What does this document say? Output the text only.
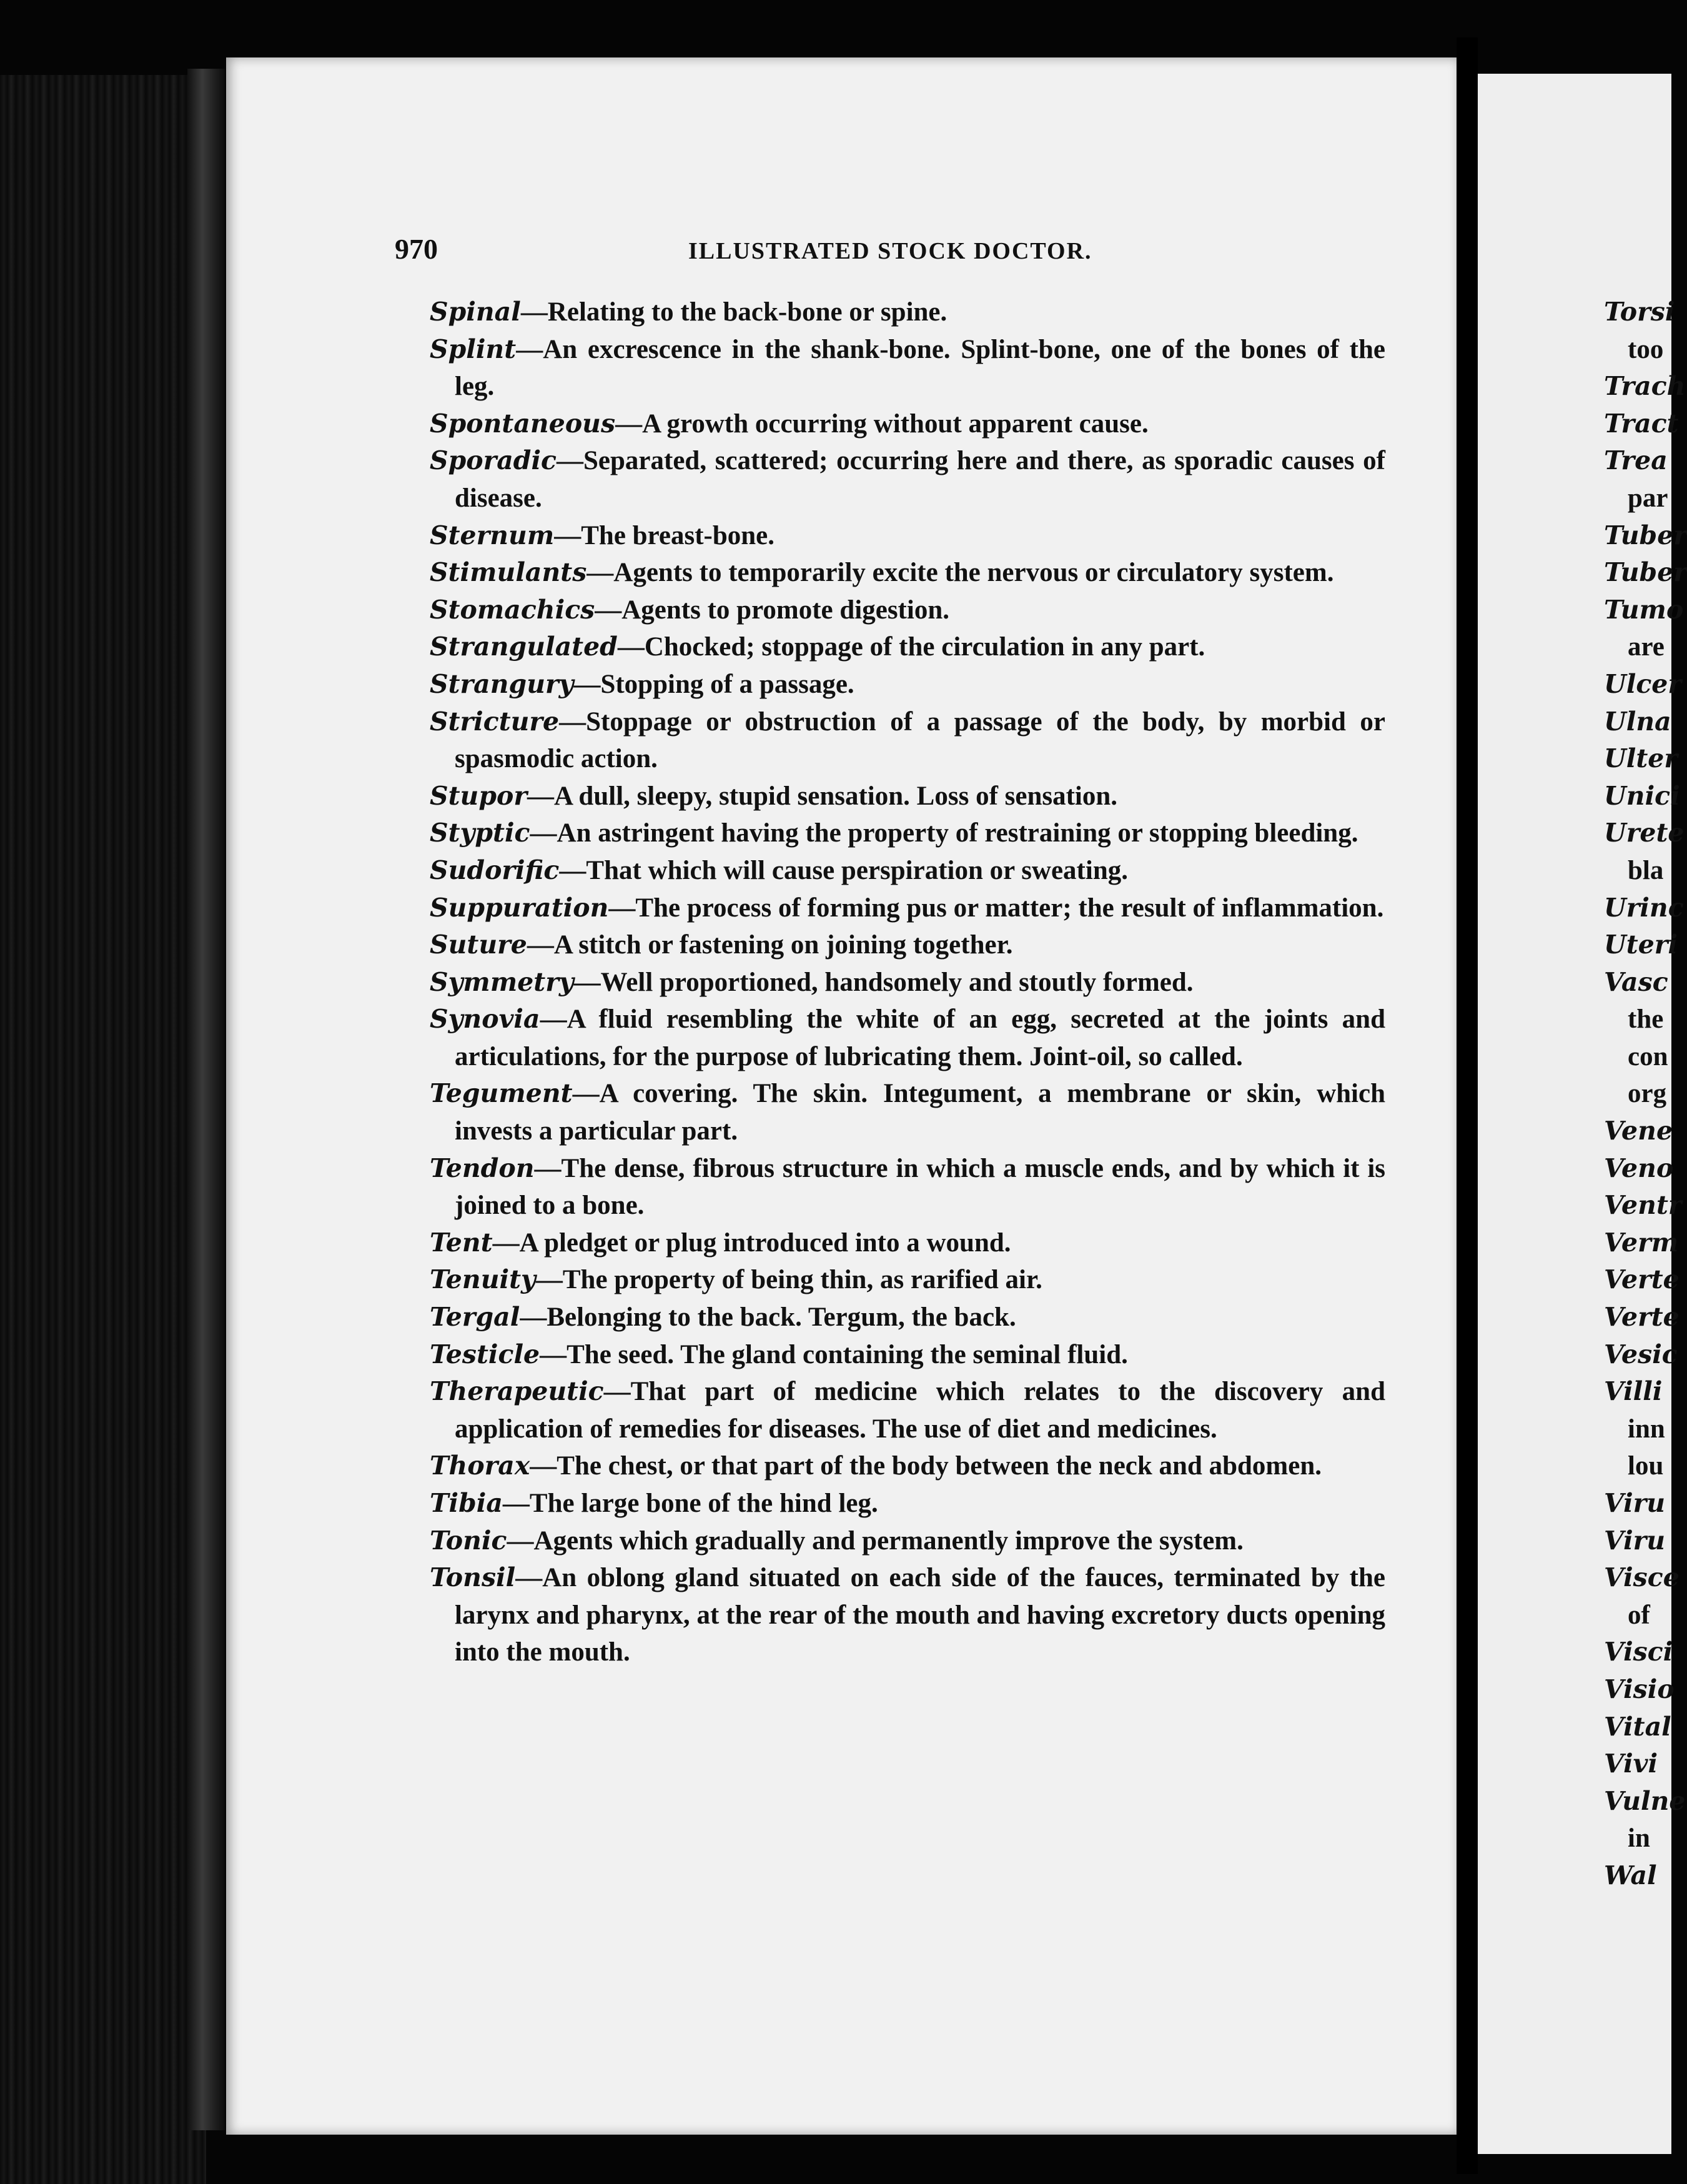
970	ILLUSTRATED STOCK DOCTOR.
Spinal—Relating to the back-bone or spine.
Splint—An excrescence in the shank-bone. Splint-bone, one of the bones of the leg.
Spontaneous—A growth occurring without apparent cause.
Sporadic—Separated, scattered; occurring here and there, as sporadic causes of disease.
Sternum—The breast-bone.
Stimulants—Agents to temporarily excite the nervous or circulatory system.
Stomachics—Agents to promote digestion.
Strangulated—Chocked; stoppage of the circulation in any part.
Strangury—Stopping of a passage.
Stricture—Stoppage or obstruction of a passage of the body, by morbid or spasmodic action.
Stupor—A dull, sleepy, stupid sensation. Loss of sensation.
Styptic—An astringent having the property of restraining or stopping bleeding.
Sudorific—That which will cause perspiration or sweating.
Suppuration—The process of forming pus or matter; the result of inflammation.
Suture—A stitch or fastening on joining together.
Symmetry—Well proportioned, handsomely and stoutly formed.
Synovia—A fluid resembling the white of an egg, secreted at the joints and articulations, for the purpose of lubricating them. Joint-oil, so called.
Tegument—A covering. The skin. Integument, a membrane or skin, which invests a particular part.
Tendon—The dense, fibrous structure in which a muscle ends, and by which it is joined to a bone.
Tent—A pledget or plug introduced into a wound.
Tenuity—The property of being thin, as rarified air.
Tergal—Belonging to the back. Tergum, the back.
Testicle—The seed. The gland containing the seminal fluid.
Therapeutic—That part of medicine which relates to the discovery and application of remedies for diseases. The use of diet and medicines.
Thorax—The chest, or that part of the body between the neck and abdomen.
Tibia—The large bone of the hind leg.
Tonic—Agents which gradually and permanently improve the system.
Tonsil—An oblong gland situated on each side of the fauces, terminated by the larynx and pharynx, at the rear of the mouth and having excretory ducts opening into the mouth.
Torsi
too
Trach
Tract
Trea
par
Tuber
Tuber
Tumo
are
Ulcer
Ulna
Ulter
Unici
Urete
bla
Urinc
Uteri
Vasc
the
con
org
Vene
Veno
Ventr
Verm
Verte
Verte
Vesic
Villi
inn
lou
Viru
Viru
Visce
of
Visci
Visio
Vital
Vivi
Vulne
in
Wal
